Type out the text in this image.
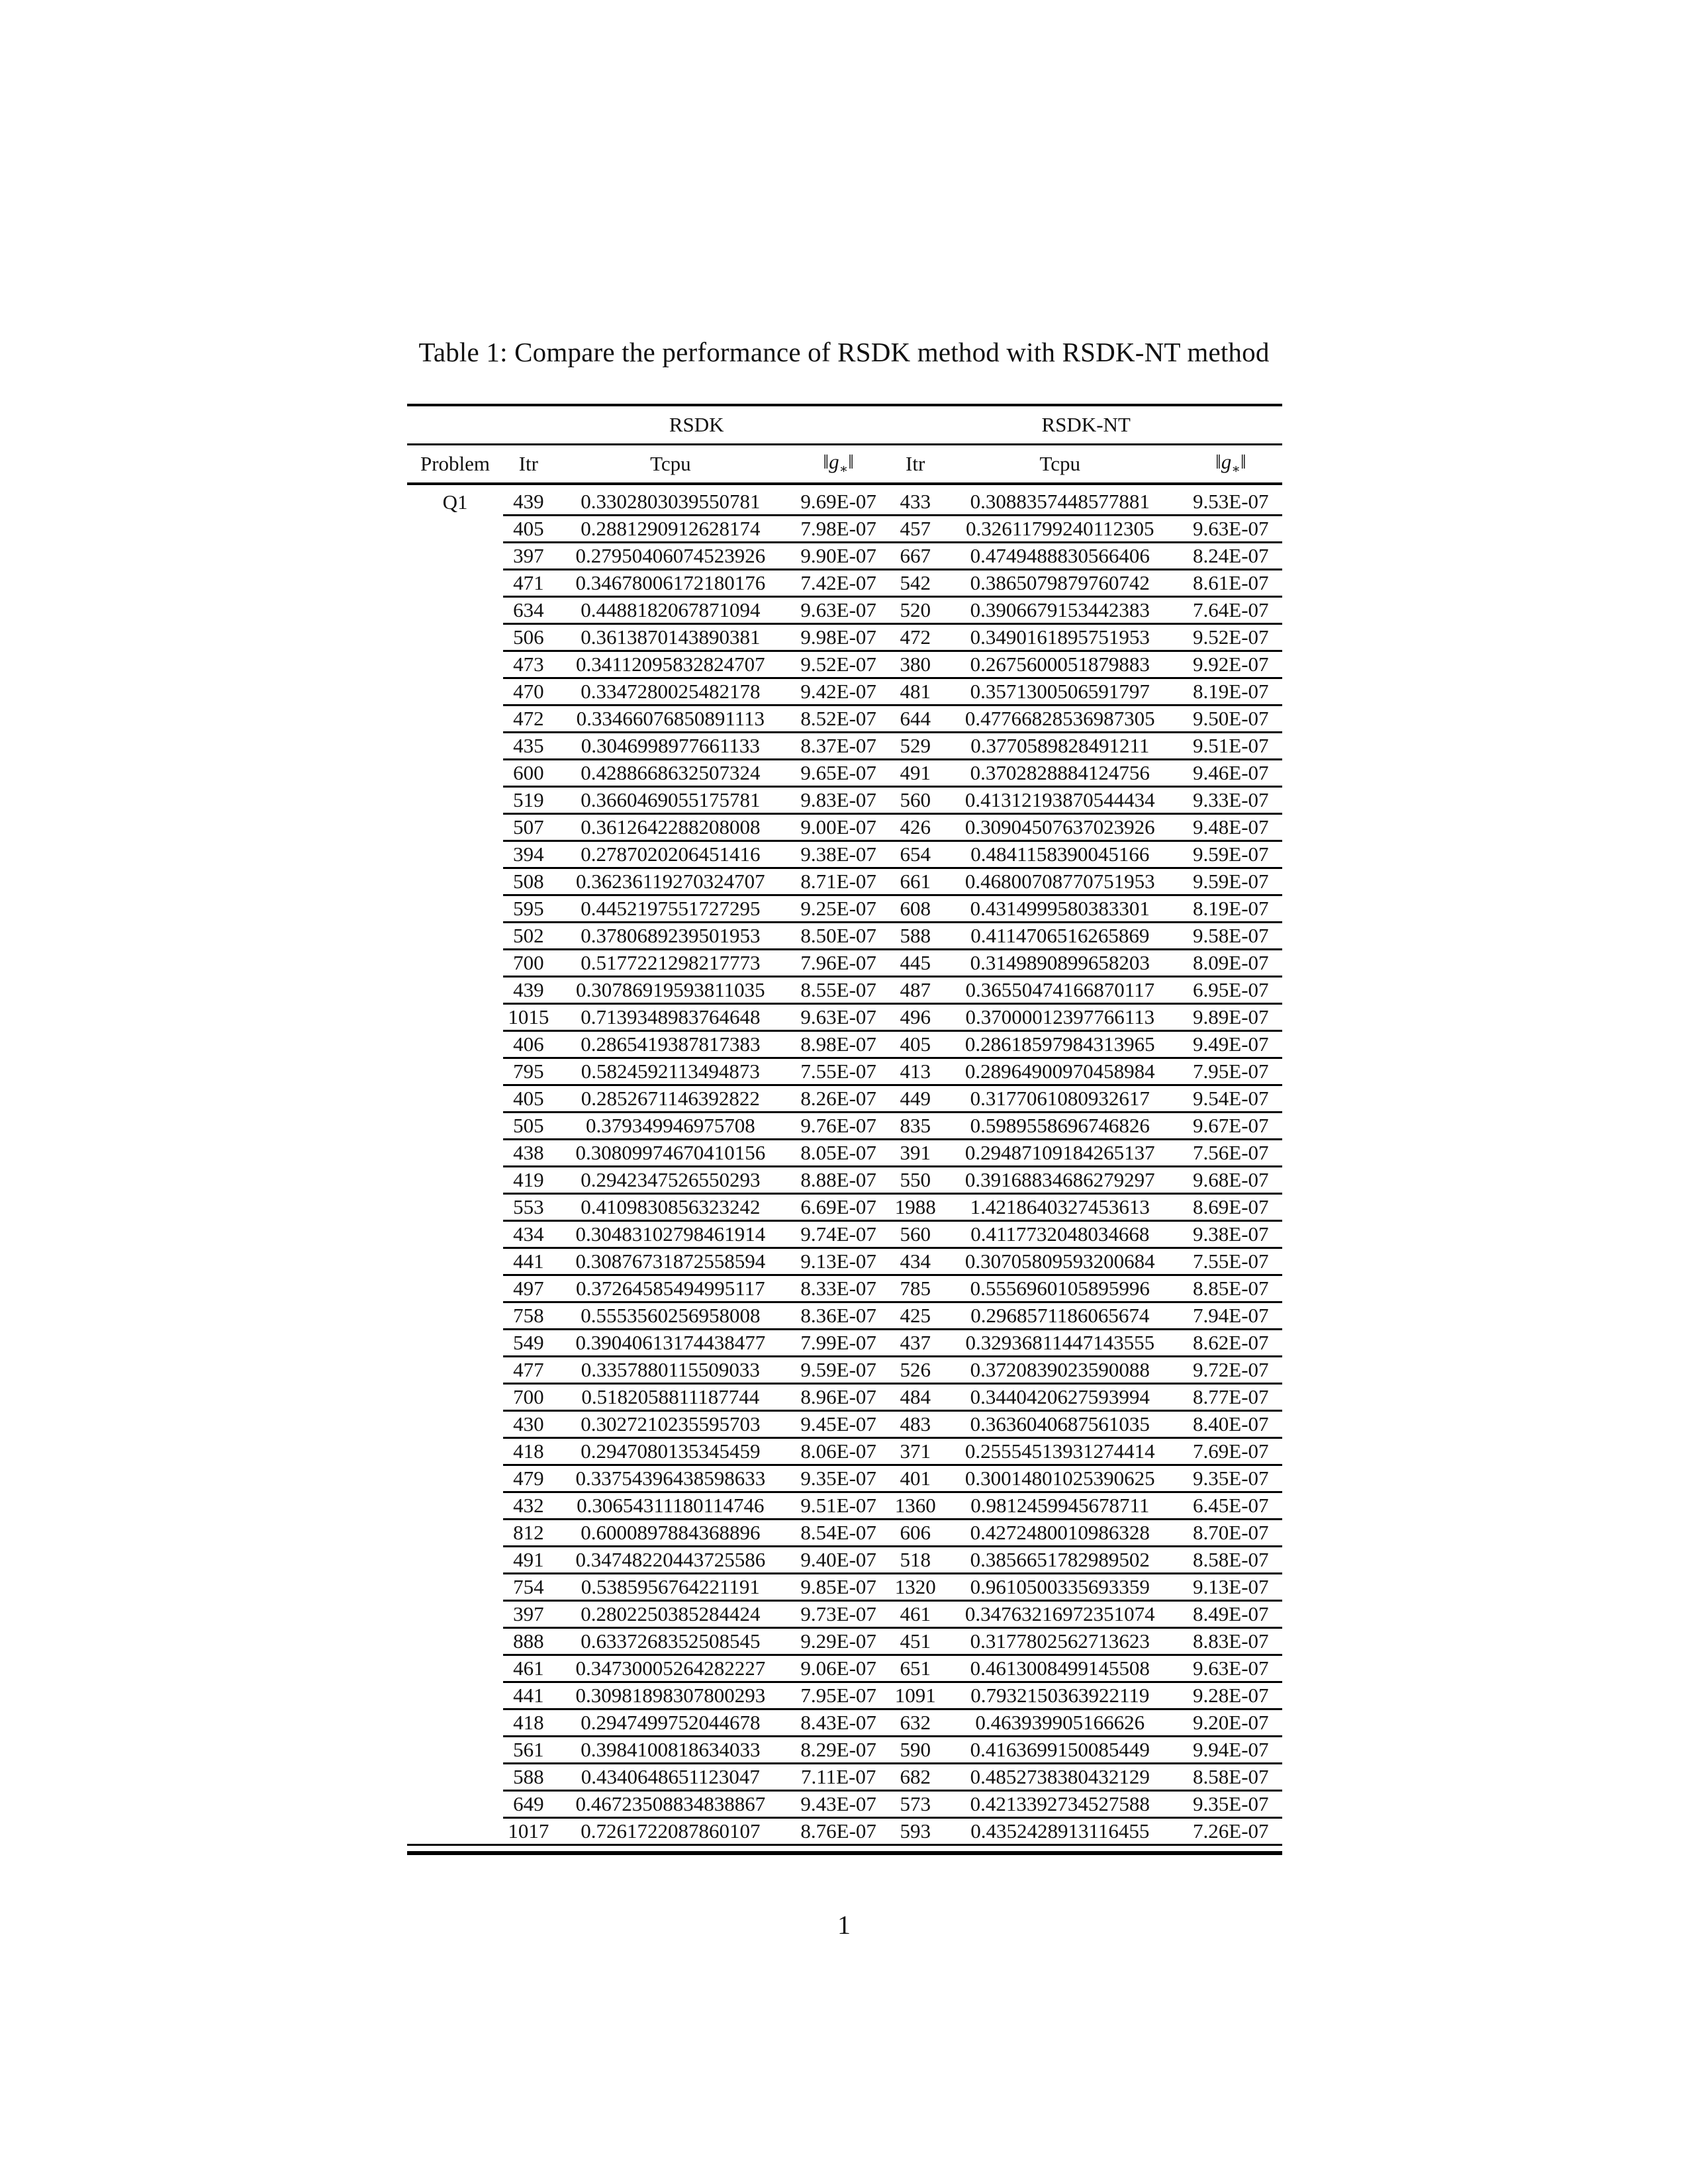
Table 1: Compare the performance of RSDK method with RSDK-NT method
	RSDK			RSDK-NT		
Problem	Itr	Tcpu	$‖g_∗‖$	Itr	Tcpu	$‖g_∗‖$
Q1	439	0.3302803039550781	9.69E-07	433	0.3088357448577881	9.53E-07
	405	0.2881290912628174	7.98E-07	457	0.32611799240112305	9.63E-07
	397	0.27950406074523926	9.90E-07	667	0.4749488830566406	8.24E-07
	471	0.34678006172180176	7.42E-07	542	0.3865079879760742	8.61E-07
	634	0.4488182067871094	9.63E-07	520	0.3906679153442383	7.64E-07
	506	0.3613870143890381	9.98E-07	472	0.3490161895751953	9.52E-07
	473	0.34112095832824707	9.52E-07	380	0.2675600051879883	9.92E-07
	470	0.3347280025482178	9.42E-07	481	0.3571300506591797	8.19E-07
	472	0.33466076850891113	8.52E-07	644	0.47766828536987305	9.50E-07
	435	0.3046998977661133	8.37E-07	529	0.3770589828491211	9.51E-07
	600	0.4288668632507324	9.65E-07	491	0.3702828884124756	9.46E-07
	519	0.3660469055175781	9.83E-07	560	0.41312193870544434	9.33E-07
	507	0.3612642288208008	9.00E-07	426	0.30904507637023926	9.48E-07
	394	0.2787020206451416	9.38E-07	654	0.4841158390045166	9.59E-07
	508	0.36236119270324707	8.71E-07	661	0.46800708770751953	9.59E-07
	595	0.4452197551727295	9.25E-07	608	0.4314999580383301	8.19E-07
	502	0.3780689239501953	8.50E-07	588	0.4114706516265869	9.58E-07
	700	0.5177221298217773	7.96E-07	445	0.3149890899658203	8.09E-07
	439	0.30786919593811035	8.55E-07	487	0.36550474166870117	6.95E-07
	1015	0.7139348983764648	9.63E-07	496	0.37000012397766113	9.89E-07
	406	0.2865419387817383	8.98E-07	405	0.28618597984313965	9.49E-07
	795	0.5824592113494873	7.55E-07	413	0.28964900970458984	7.95E-07
	405	0.2852671146392822	8.26E-07	449	0.3177061080932617	9.54E-07
	505	0.379349946975708	9.76E-07	835	0.5989558696746826	9.67E-07
	438	0.30809974670410156	8.05E-07	391	0.29487109184265137	7.56E-07
	419	0.2942347526550293	8.88E-07	550	0.39168834686279297	9.68E-07
	553	0.4109830856323242	6.69E-07	1988	1.4218640327453613	8.69E-07
	434	0.30483102798461914	9.74E-07	560	0.4117732048034668	9.38E-07
	441	0.30876731872558594	9.13E-07	434	0.30705809593200684	7.55E-07
	497	0.37264585494995117	8.33E-07	785	0.5556960105895996	8.85E-07
	758	0.5553560256958008	8.36E-07	425	0.2968571186065674	7.94E-07
	549	0.39040613174438477	7.99E-07	437	0.32936811447143555	8.62E-07
	477	0.3357880115509033	9.59E-07	526	0.3720839023590088	9.72E-07
	700	0.5182058811187744	8.96E-07	484	0.3440420627593994	8.77E-07
	430	0.3027210235595703	9.45E-07	483	0.3636040687561035	8.40E-07
	418	0.2947080135345459	8.06E-07	371	0.25554513931274414	7.69E-07
	479	0.33754396438598633	9.35E-07	401	0.30014801025390625	9.35E-07
	432	0.30654311180114746	9.51E-07	1360	0.9812459945678711	6.45E-07
	812	0.6000897884368896	8.54E-07	606	0.4272480010986328	8.70E-07
	491	0.34748220443725586	9.40E-07	518	0.3856651782989502	8.58E-07
	754	0.5385956764221191	9.85E-07	1320	0.9610500335693359	9.13E-07
	397	0.2802250385284424	9.73E-07	461	0.34763216972351074	8.49E-07
	888	0.6337268352508545	9.29E-07	451	0.3177802562713623	8.83E-07
	461	0.34730005264282227	9.06E-07	651	0.4613008499145508	9.63E-07
	441	0.30981898307800293	7.95E-07	1091	0.7932150363922119	9.28E-07
	418	0.2947499752044678	8.43E-07	632	0.463939905166626	9.20E-07
	561	0.3984100818634033	8.29E-07	590	0.4163699150085449	9.94E-07
	588	0.4340648651123047	7.11E-07	682	0.4852738380432129	8.58E-07
	649	0.46723508834838867	9.43E-07	573	0.4213392734527588	9.35E-07
	1017	0.7261722087860107	8.76E-07	593	0.4352428913116455	7.26E-07
1
